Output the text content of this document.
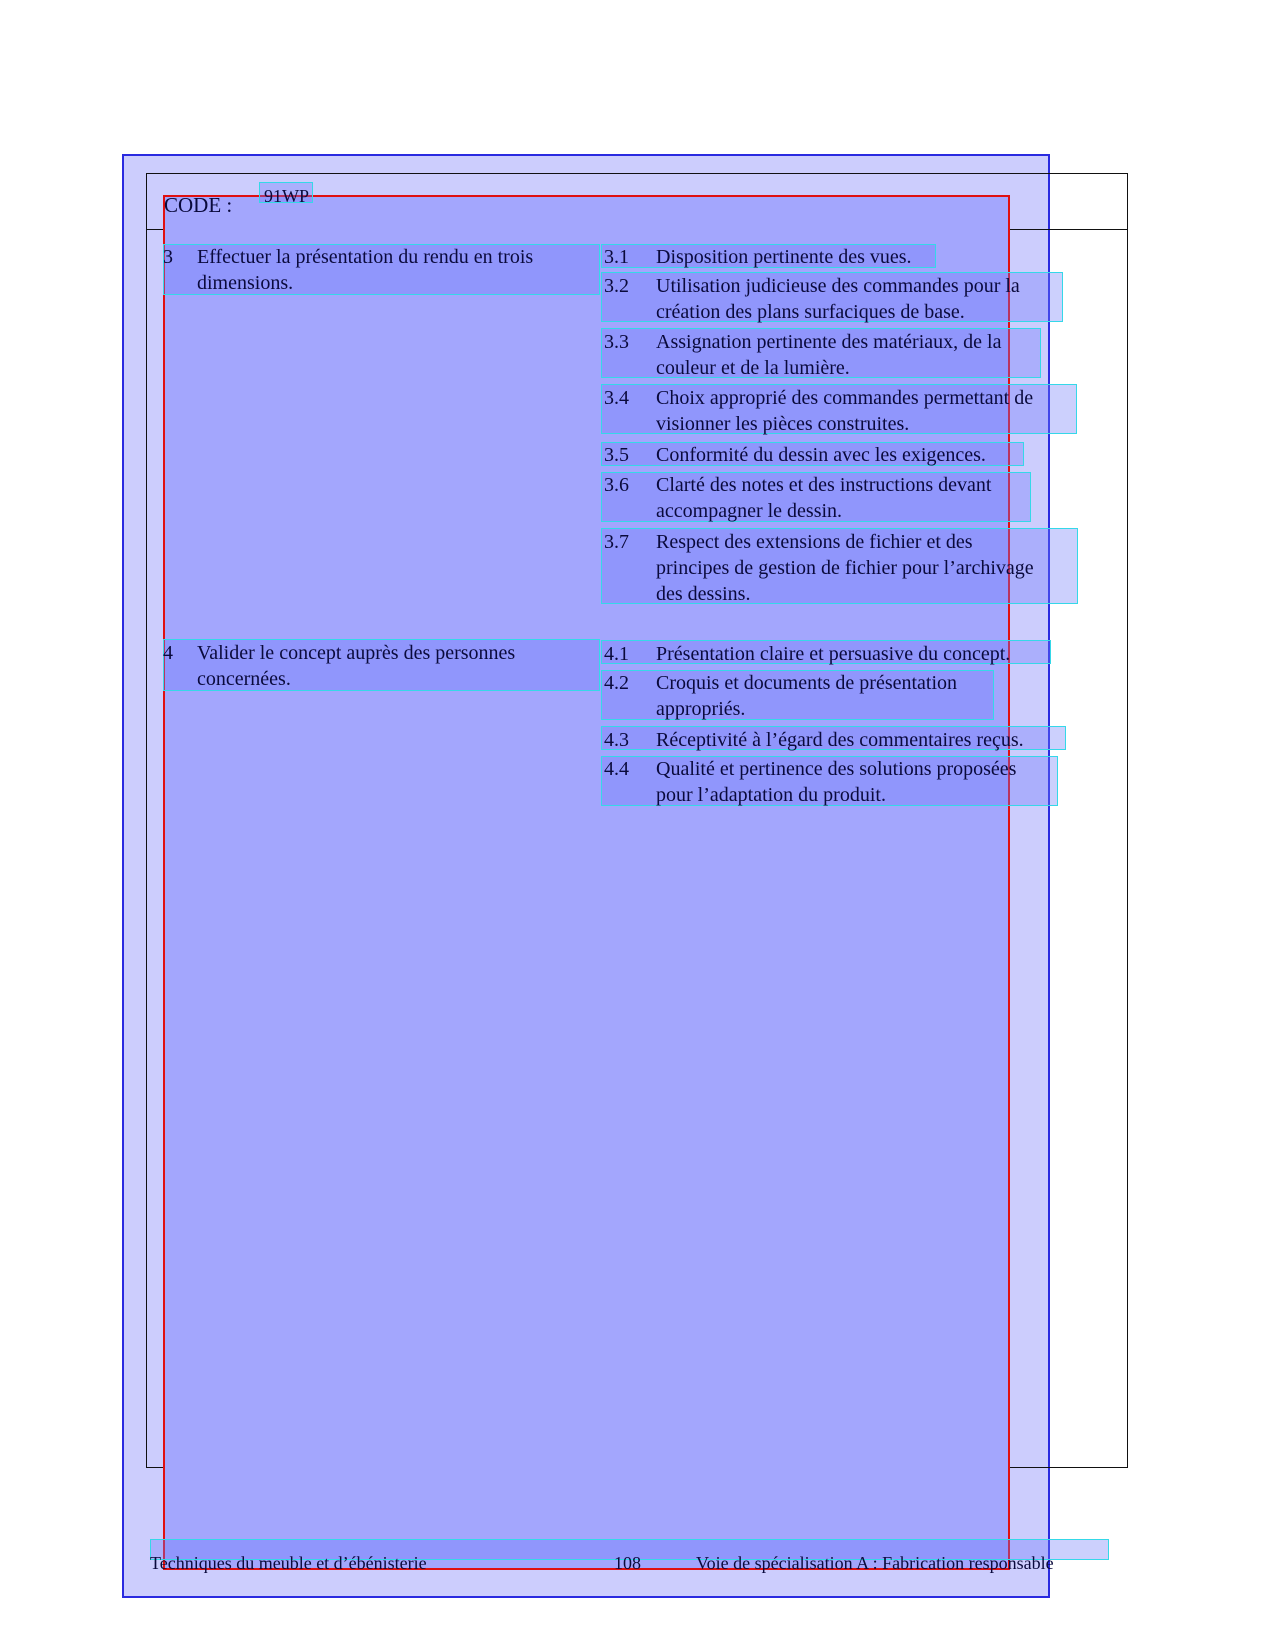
CODE : 91WP
3 Effectuer la présentation du rendu en trois
dimensions.
3.1 Disposition pertinente des vues.
3.2 Utilisation judicieuse des commandes pour la
création des plans surfaciques de base.
3.3 Assignation pertinente des matériaux, de la
couleur et de la lumière.
3.4 Choix approprié des commandes permettant de
visionner les pièces construites.
3.5 Conformité du dessin avec les exigences.
3.6 Clarté des notes et des instructions devant
accompagner le dessin.
3.7 Respect des extensions de fichier et des
principes de gestion de fichier pour l’archivage
des dessins.
4 Valider le concept auprès des personnes
concernées.
4.1 Présentation claire et persuasive du concept.
4.2 Croquis et documents de présentation
appropriés.
4.3 Réceptivité à l’égard des commentaires reçus.
4.4 Qualité et pertinence des solutions proposées
pour l’adaptation du produit.
Techniques du meuble et d’ébénisterie	108	Voie de spécialisation A : Fabrication responsable
